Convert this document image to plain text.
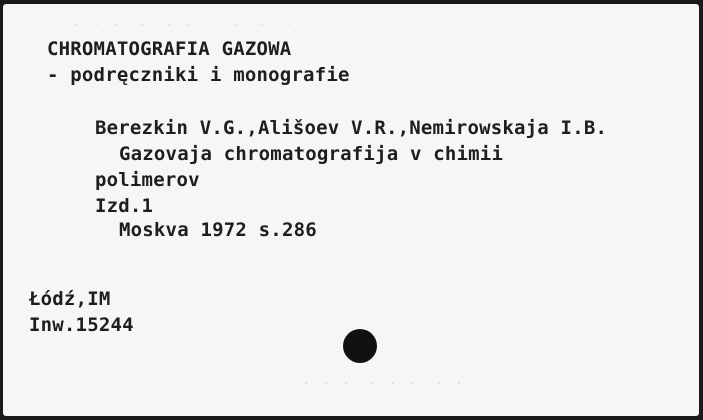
·  ·  ·   ·   ·  ·      ·   ·   ·
.  .  .   .  .  .   .  .
CHROMATOGRAFIA GAZOWA
- podręczniki i monografie
Berezkin V.G.,Ališoev V.R.,Nemirowskaja I.B.
Gazovaja chromatografija v chimii
polimerov
Izd.1
Moskva 1972 s.286
Łódź,IM
Inw.15244
